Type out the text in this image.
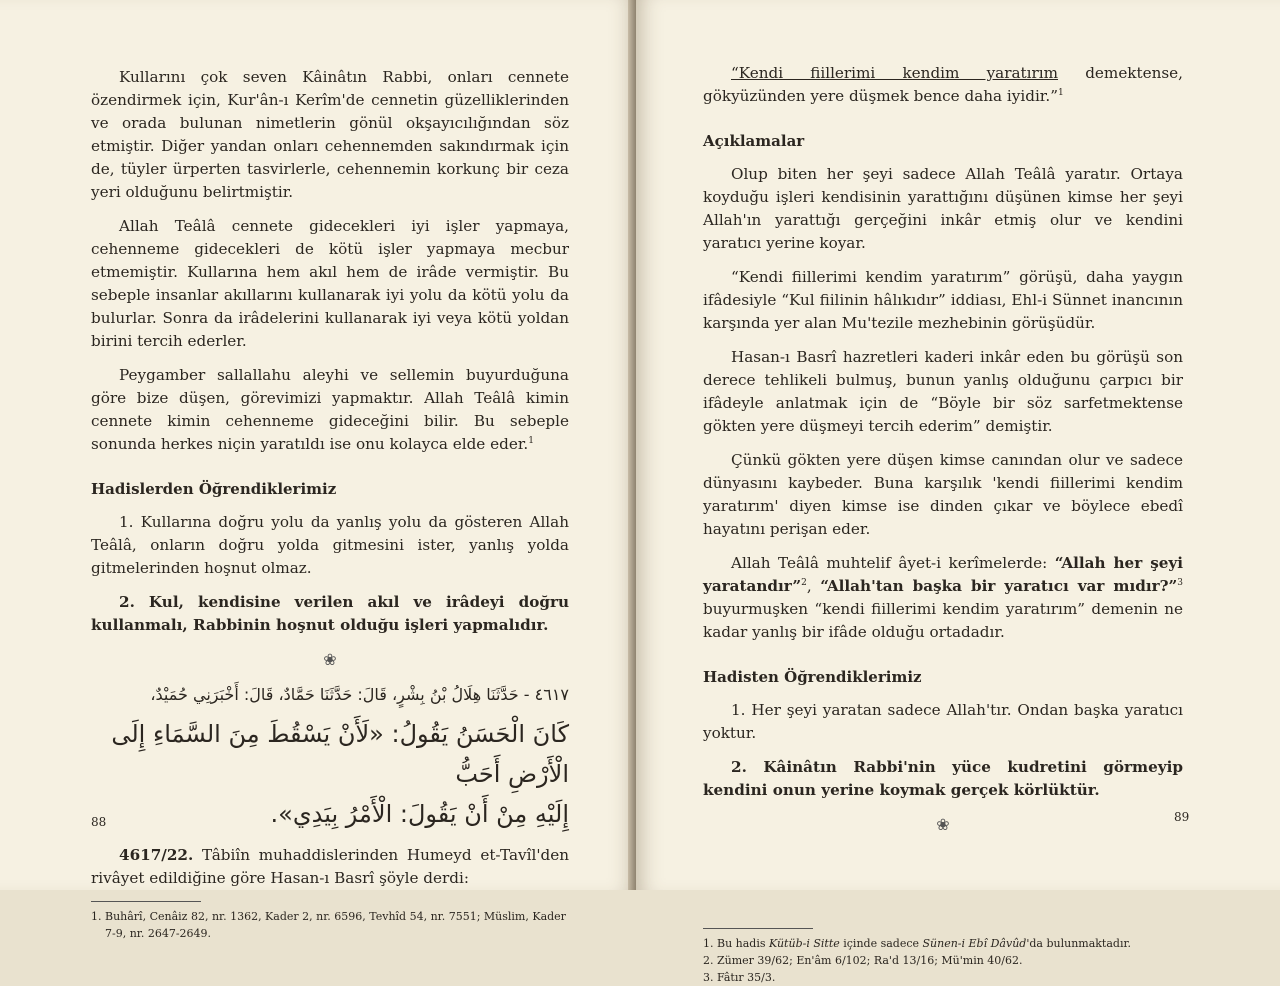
Kullarını çok seven Kâinâtın Rabbi, onları cennete özendirmek için, Kur'ân-ı Kerîm'de cennetin güzelliklerinden ve orada bulunan nimetlerin gönül okşayıcılığından söz etmiştir. Diğer yandan onları cehennemden sakındırmak için de, tüyler ürperten tasvirlerle, cehennemin korkunç bir ceza yeri olduğunu belirtmiştir.

Allah Teâlâ cennete gidecekleri iyi işler yapmaya, cehenneme gidecekleri de kötü işler yapmaya mecbur etmemiştir. Kullarına hem akıl hem de irâde vermiştir. Bu sebeple insanlar akıllarını kullanarak iyi yolu da kötü yolu da bulurlar. Sonra da irâdelerini kullanarak iyi veya kötü yoldan birini tercih ederler.

Peygamber sallallahu aleyhi ve sellemin buyurduğuna göre bize düşen, görevimizi yapmaktır. Allah Teâlâ kimin cennete kimin cehenneme gideceğini bilir. Bu sebeple sonunda herkes niçin yaratıldı ise onu kolayca elde eder.$^1$

Hadislerden Öğrendiklerimiz

1. Kullarına doğru yolu da yanlış yolu da gösteren Allah Teâlâ, onların doğru yolda gitmesini ister, yanlış yolda gitmelerinden hoşnut olmaz.

2. Kul, kendisine verilen akıl ve irâdeyi doğru kullanmalı, Rabbinin hoşnut olduğu işleri yapmalıdır.

❀
٤٦١٧ - حَدَّثَنَا هِلَالُ بْنُ بِشْرٍ، قَالَ: حَدَّثَنَا حَمَّادٌ، قَالَ: أَخْبَرَنِي حُمَيْدٌ،
كَانَ الْحَسَنُ يَقُولُ: «لَأَنْ يَسْقُطَ مِنَ السَّمَاءِ إِلَى الْأَرْضِ أَحَبُّ
إِلَيْهِ مِنْ أَنْ يَقُولَ: الْأَمْرُ بِيَدِي».

4617/22. Tâbiîn muhaddislerinden Humeyd et-Tavîl'den rivâyet edildiğine göre Hasan-ı Basrî şöyle derdi:

1. Buhârî, Cenâiz 82, nr. 1362, Kader 2, nr. 6596, Tevhîd 54, nr. 7551; Müslim, Kader 7-9, nr. 2647-2649.

88

“Kendi fiillerimi kendim yaratırım demektense, gökyüzünden yere düşmek bence daha iyidir.”$^1$

Açıklamalar

Olup biten her şeyi sadece Allah Teâlâ yaratır. Ortaya koyduğu işleri kendisinin yarattığını düşünen kimse her şeyi Allah'ın yarattığı gerçeğini inkâr etmiş olur ve kendini yaratıcı yerine koyar.

“Kendi fiillerimi kendim yaratırım” görüşü, daha yaygın ifâdesiyle “Kul fiilinin hâlıkıdır” iddiası, Ehl-i Sünnet inancının karşında yer alan Mu'tezile mezhebinin görüşüdür.

Hasan-ı Basrî hazretleri kaderi inkâr eden bu görüşü son derece tehlikeli bulmuş, bunun yanlış olduğunu çarpıcı bir ifâdeyle anlatmak için de “Böyle bir söz sarfetmektense gökten yere düşmeyi tercih ederim” demiştir.

Çünkü gökten yere düşen kimse canından olur ve sadece dünyasını kaybeder. Buna karşılık 'kendi fiillerimi kendim yaratırım' diyen kimse ise dinden çıkar ve böylece ebedî hayatını perişan eder.

Allah Teâlâ muhtelif âyet-i kerîmelerde: “Allah her şeyi yaratandır”$^2$, “Allah'tan başka bir yaratıcı var mıdır?”$^3$ buyurmuşken “kendi fiillerimi kendim yaratırım” demenin ne kadar yanlış bir ifâde olduğu ortadadır.

Hadisten Öğrendiklerimiz

1. Her şeyi yaratan sadece Allah'tır. Ondan başka yaratıcı yoktur.

2. Kâinâtın Rabbi'nin yüce kudretini görmeyip kendini onun yerine koymak gerçek körlüktür.

❀

1. Bu hadis Kütüb-i Sitte içinde sadece Sünen-i Ebî Dâvûd'da bulunmaktadır.

2. Zümer 39/62; En'âm 6/102; Ra'd 13/16; Mü'min 40/62.

3. Fâtır 35/3.

89
